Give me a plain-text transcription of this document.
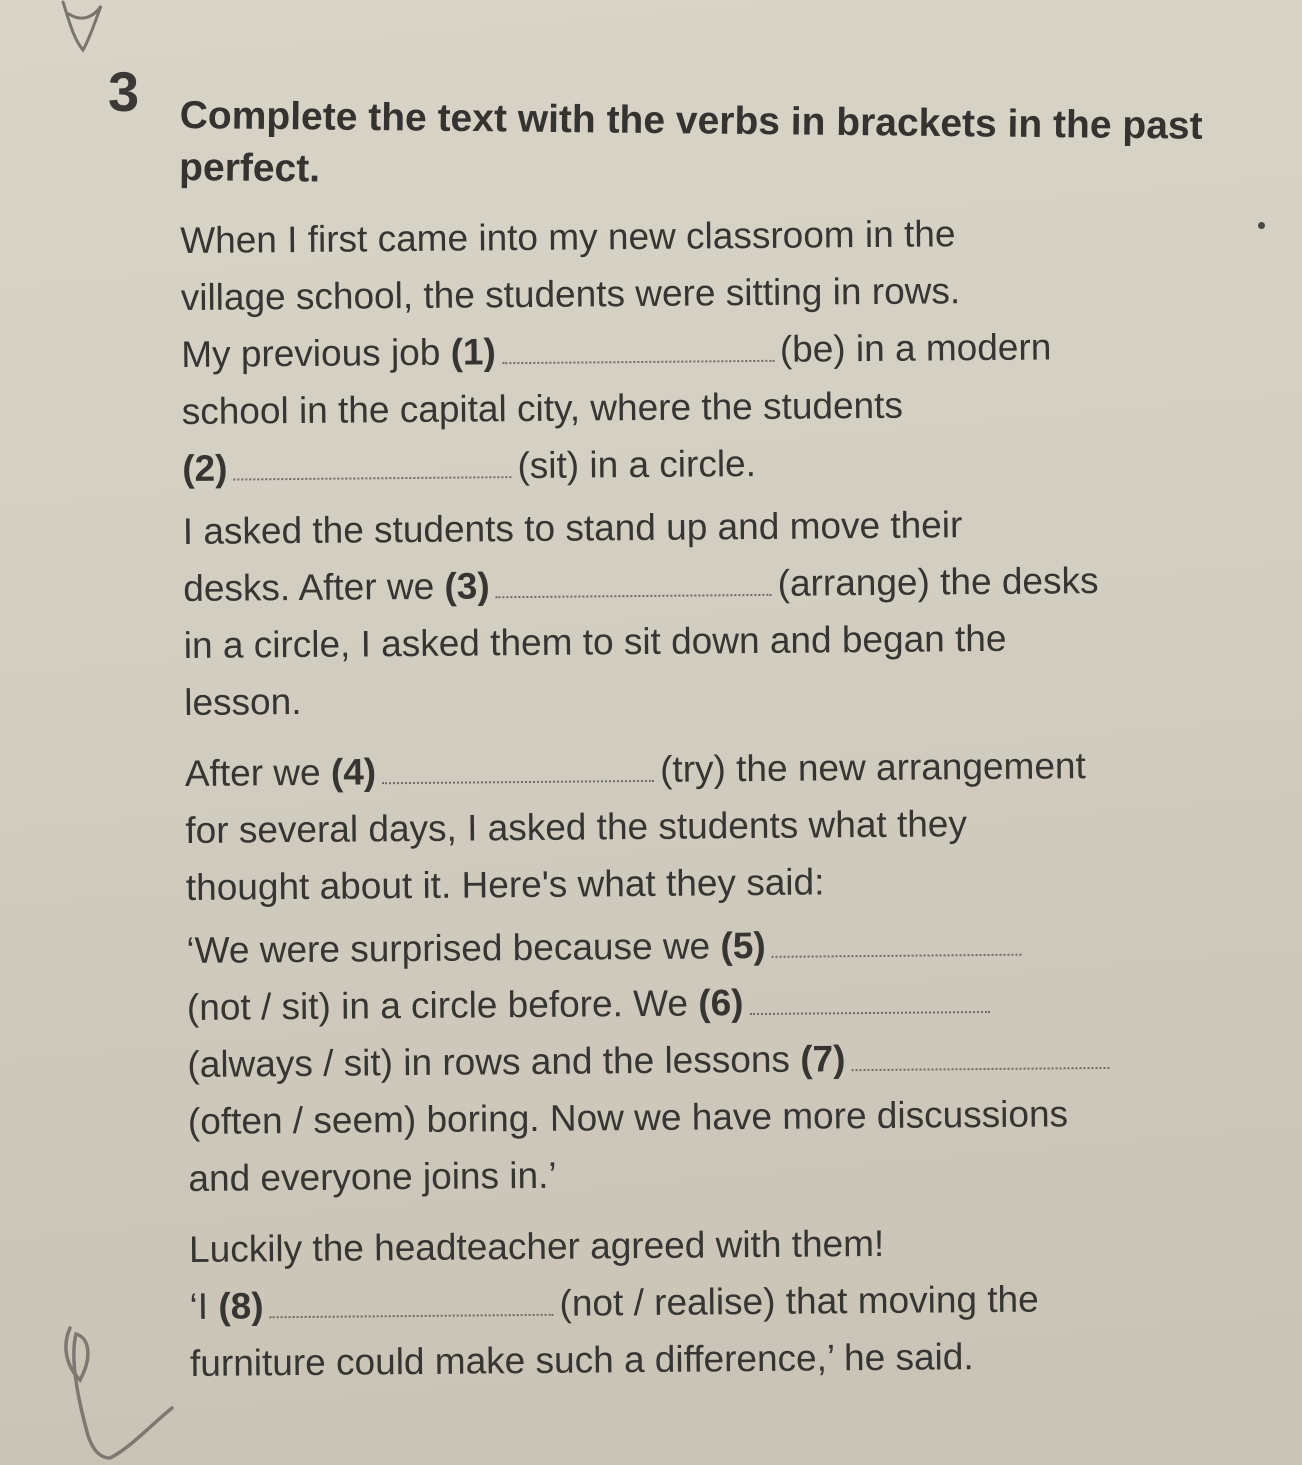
3 Complete the text with the verbs in brackets in the past perfect.
When I first came into my new classroom in the
village school, the students were sitting in rows.
My previous job (1)	(be) in a modern
school in the capital city, where the students
(2)	(sit) in a circle.
I asked the students to stand up and move their
desks. After we (3)	(arrange) the desks
in a circle, I asked them to sit down and began the
lesson.
After we (4)	(try) the new arrangement
for several days, I asked the students what they
thought about it. Here's what they said:
‘We were surprised because we (5)
(not / sit) in a circle before. We (6)
(always / sit) in rows and the lessons (7)
(often / seem) boring. Now we have more discussions
and everyone joins in.’
Luckily the headteacher agreed with them!
‘I (8)	(not / realise) that moving the
furniture could make such a difference,’ he said.
